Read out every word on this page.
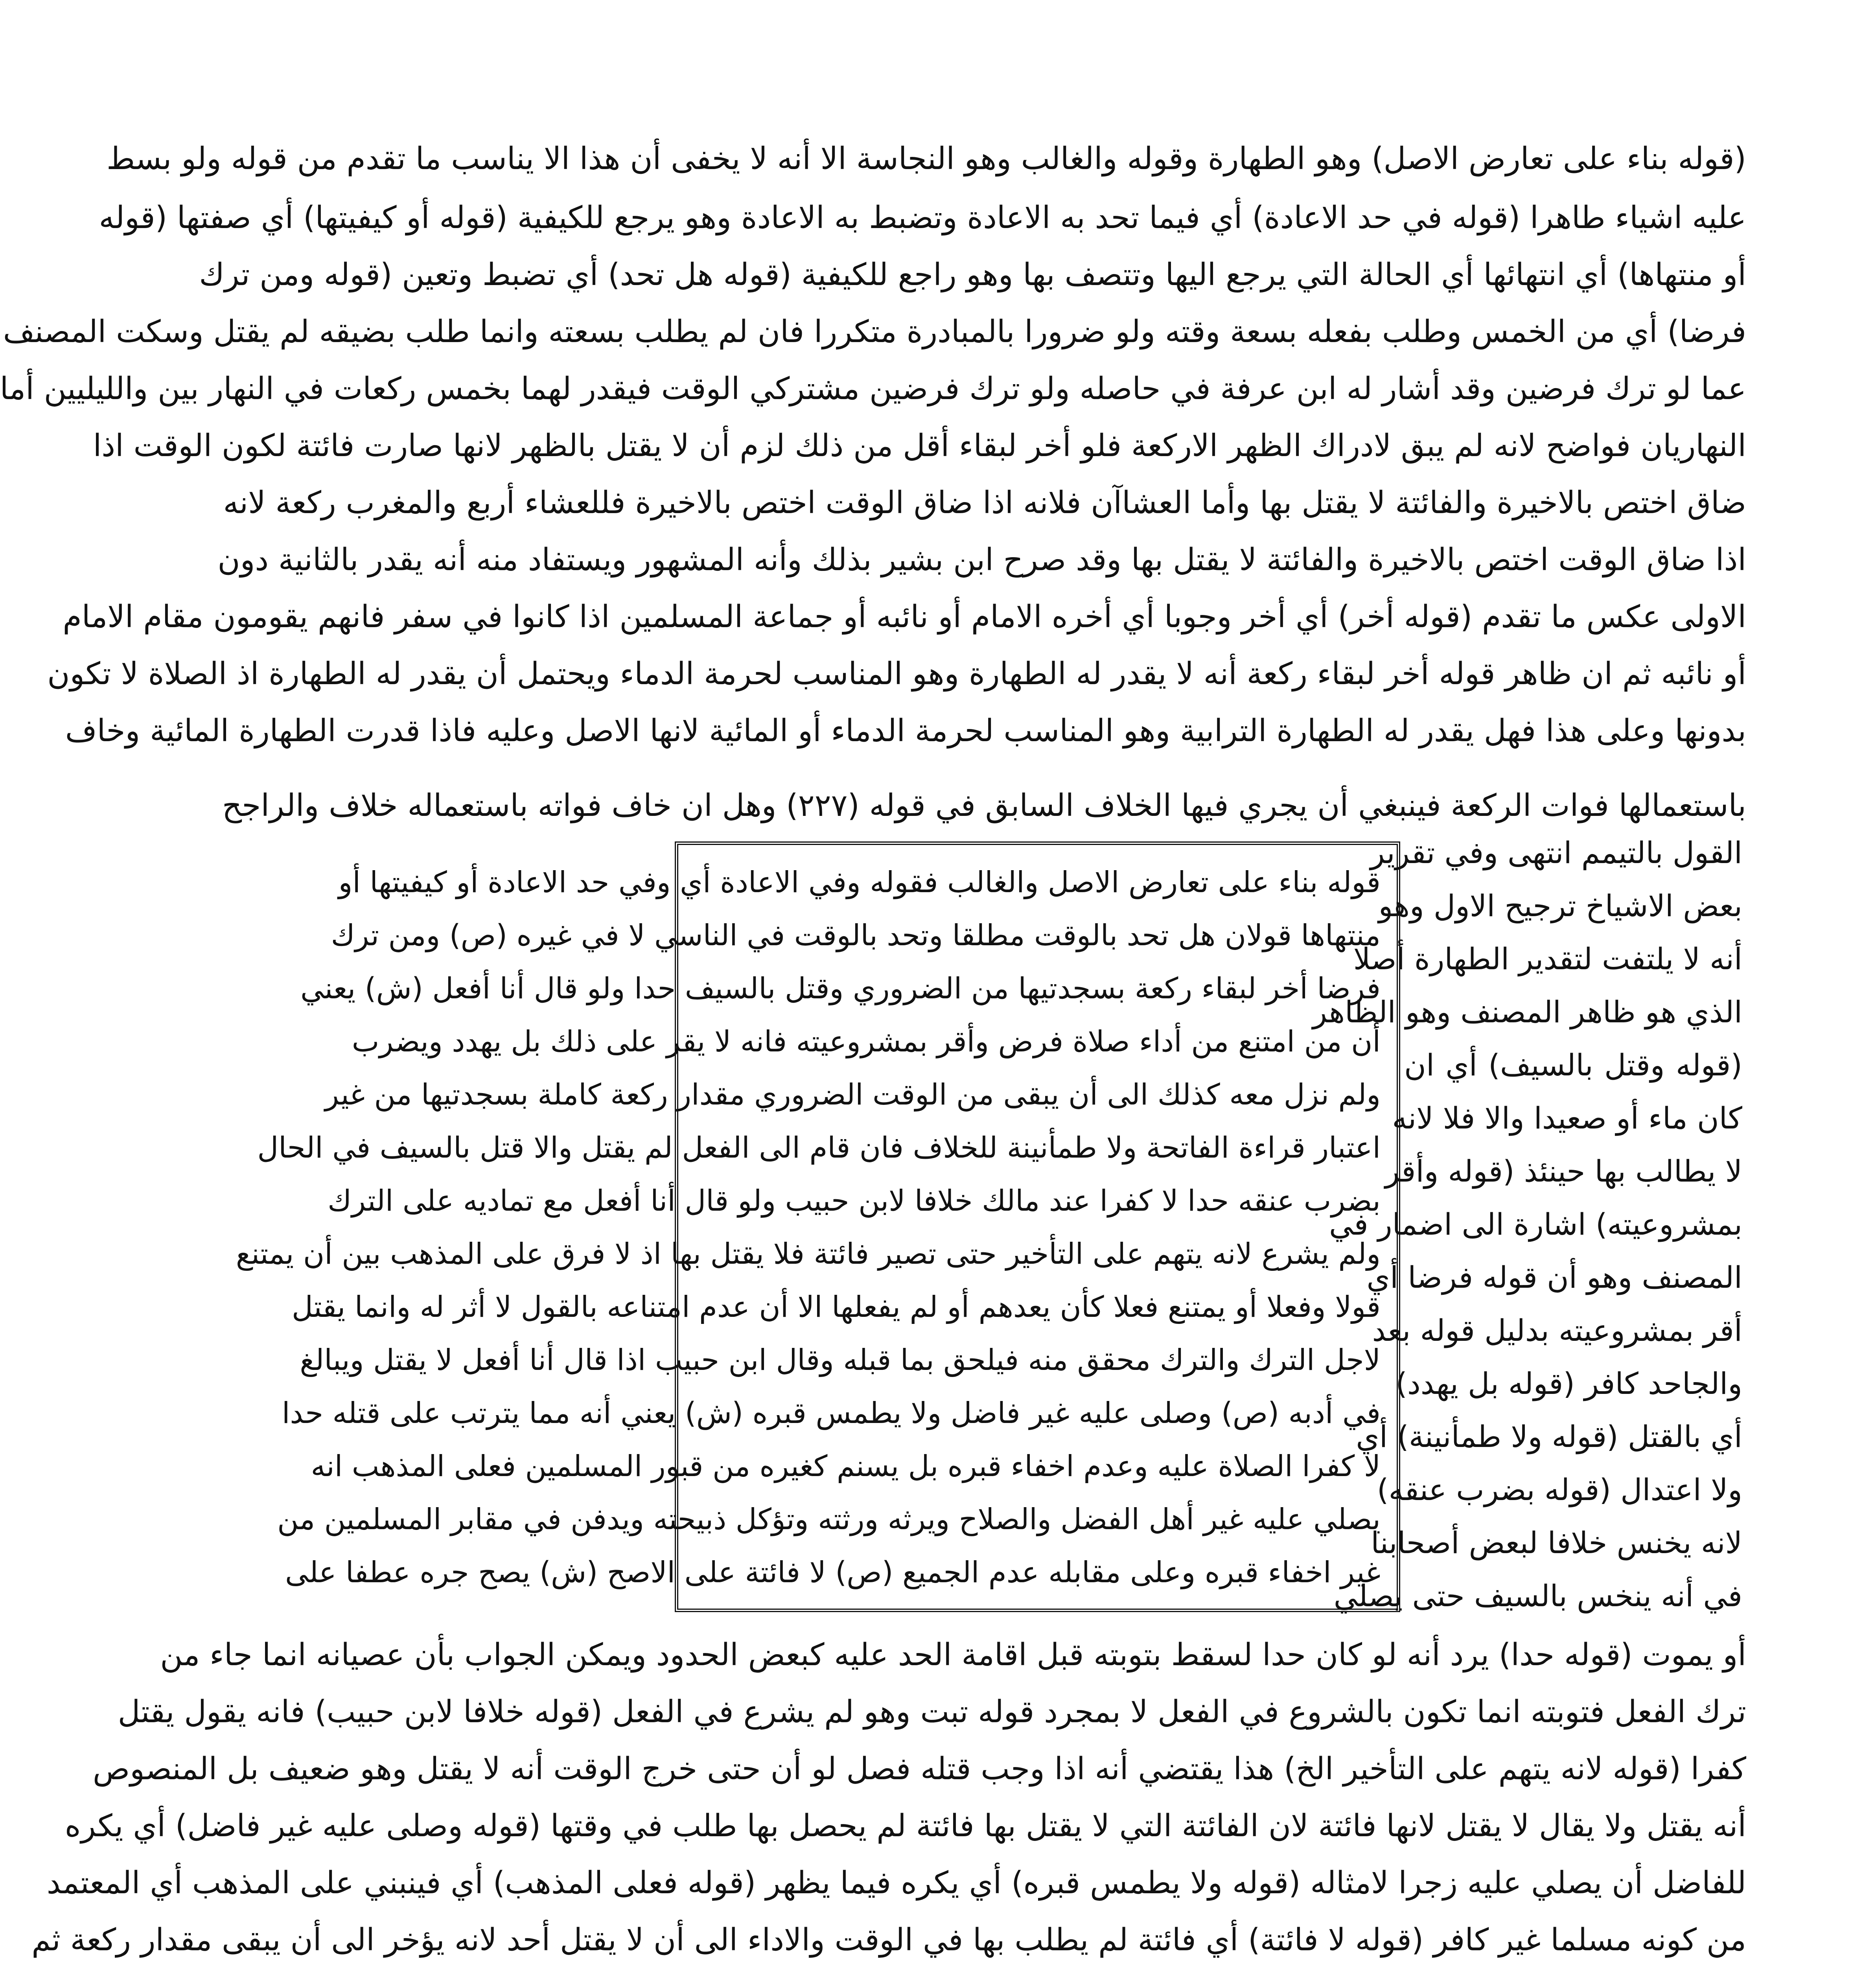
(قوله بناء على تعارض الاصل) وهو الطهارة وقوله والغالب وهو النجاسة الا أنه لا يخفى أن هذا الا يناسب ما تقدم من قوله ولو بسط
عليه اشياء طاهرا (قوله في حد الاعادة) أي فيما تحد به الاعادة وتضبط به الاعادة وهو يرجع للكيفية (قوله أو كيفيتها) أي صفتها (قوله
أو منتهاها) أي انتهائها أي الحالة التي يرجع اليها وتتصف بها وهو راجع للكيفية (قوله هل تحد) أي تضبط وتعين (قوله ومن ترك
فرضا) أي من الخمس وطلب بفعله بسعة وقته ولو ضرورا بالمبادرة متكررا فان لم يطلب بسعته وانما طلب بضيقه لم يقتل وسكت المصنف
عما لو ترك فرضين وقد أشار له ابن عرفة في حاصله ولو ترك فرضين مشتركي الوقت فيقدر لهما بخمس ركعات في النهار بين والليليين أما
النهاريان فواضح لانه لم يبق لادراك الظهر الاركعة فلو أخر لبقاء أقل من ذلك لزم أن لا يقتل بالظهر لانها صارت فائتة لكون الوقت اذا
ضاق اختص بالاخيرة والفائتة لا يقتل بها وأما العشاآن فلانه اذا ضاق الوقت اختص بالاخيرة فللعشاء أربع والمغرب ركعة لانه
اذا ضاق الوقت اختص بالاخيرة والفائتة لا يقتل بها وقد صرح ابن بشير بذلك وأنه المشهور ويستفاد منه أنه يقدر بالثانية دون
الاولى عكس ما تقدم (قوله أخر) أي أخر وجوبا أي أخره الامام أو نائبه أو جماعة المسلمين اذا كانوا في سفر فانهم يقومون مقام الامام
أو نائبه ثم ان ظاهر قوله أخر لبقاء ركعة أنه لا يقدر له الطهارة وهو المناسب لحرمة الدماء ويحتمل أن يقدر له الطهارة اذ الصلاة لا تكون
بدونها وعلى هذا فهل يقدر له الطهارة الترابية وهو المناسب لحرمة الدماء أو المائية لانها الاصل وعليه فاذا قدرت الطهارة المائية وخاف
باستعمالها فوات الركعة فينبغي أن يجري فيها الخلاف السابق في قوله (٢٢٧) وهل ان خاف فواته باستعماله خلاف والراجح
قوله بناء على تعارض الاصل والغالب فقوله وفي الاعادة أي وفي حد الاعادة أو كيفيتها أو
منتهاها قولان هل تحد بالوقت مطلقا وتحد بالوقت في الناسي لا في غيره (ص) ومن ترك
فرضا أخر لبقاء ركعة بسجدتيها من الضروري وقتل بالسيف حدا ولو قال أنا أفعل (ش) يعني
أن من امتنع من أداء صلاة فرض وأقر بمشروعيته فانه لا يقر على ذلك بل يهدد ويضرب
ولم نزل معه كذلك الى أن يبقى من الوقت الضروري مقدار ركعة كاملة بسجدتيها من غير
اعتبار قراءة الفاتحة ولا طمأنينة للخلاف فان قام الى الفعل لم يقتل والا قتل بالسيف في الحال
بضرب عنقه حدا لا كفرا عند مالك خلافا لابن حبيب ولو قال أنا أفعل مع تماديه على الترك
ولم يشرع لانه يتهم على التأخير حتى تصير فائتة فلا يقتل بها اذ لا فرق على المذهب بين أن يمتنع
قولا وفعلا أو يمتنع فعلا كأن يعدهم أو لم يفعلها الا أن عدم امتناعه بالقول لا أثر له وانما يقتل
لاجل الترك والترك محقق منه فيلحق بما قبله وقال ابن حبيب اذا قال أنا أفعل لا يقتل ويبالغ
في أدبه (ص) وصلى عليه غير فاضل ولا يطمس قبره (ش) يعني أنه مما يترتب على قتله حدا
لا كفرا الصلاة عليه وعدم اخفاء قبره بل يسنم كغيره من قبور المسلمين فعلى المذهب انه
يصلي عليه غير أهل الفضل والصلاح ويرثه ورثته وتؤكل ذبيحته ويدفن في مقابر المسلمين من
غير اخفاء قبره وعلى مقابله عدم الجميع (ص) لا فائتة على الاصح (ش) يصح جره عطفا على
القول بالتيمم انتهى وفي تقرير
بعض الاشياخ ترجيح الاول وهو
أنه لا يلتفت لتقدير الطهارة أصلا
الذي هو ظاهر المصنف وهو الظاهر
(قوله وقتل بالسيف) أي ان
كان ماء أو صعيدا والا فلا لانه
لا يطالب بها حينئذ (قوله وأقر
بمشروعيته) اشارة الى اضمار في
المصنف وهو أن قوله فرضا أي
أقر بمشروعيته بدليل قوله بعد
والجاحد كافر (قوله بل يهدد)
أي بالقتل (قوله ولا طمأنينة) أي
ولا اعتدال (قوله بضرب عنقه)
لانه يخنس خلافا لبعض أصحابنا
في أنه ينخس بالسيف حتى يصلي
أو يموت (قوله حدا) يرد أنه لو كان حدا لسقط بتوبته قبل اقامة الحد عليه كبعض الحدود ويمكن الجواب بأن عصيانه انما جاء من
ترك الفعل فتوبته انما تكون بالشروع في الفعل لا بمجرد قوله تبت وهو لم يشرع في الفعل (قوله خلافا لابن حبيب) فانه يقول يقتل
كفرا (قوله لانه يتهم على التأخير الخ) هذا يقتضي أنه اذا وجب قتله فصل لو أن حتى خرج الوقت أنه لا يقتل وهو ضعيف بل المنصوص
أنه يقتل ولا يقال لا يقتل لانها فائتة لان الفائتة التي لا يقتل بها فائتة لم يحصل بها طلب في وقتها (قوله وصلى عليه غير فاضل) أي يكره
للفاضل أن يصلي عليه زجرا لامثاله (قوله ولا يطمس قبره) أي يكره فيما يظهر (قوله فعلى المذهب) أي فينبني على المذهب أي المعتمد
من كونه مسلما غير كافر (قوله لا فائتة) أي فائتة لم يطلب بها في الوقت والاداء الى أن لا يقتل أحد لانه يؤخر الى أن يبقى مقدار ركعة ثم
